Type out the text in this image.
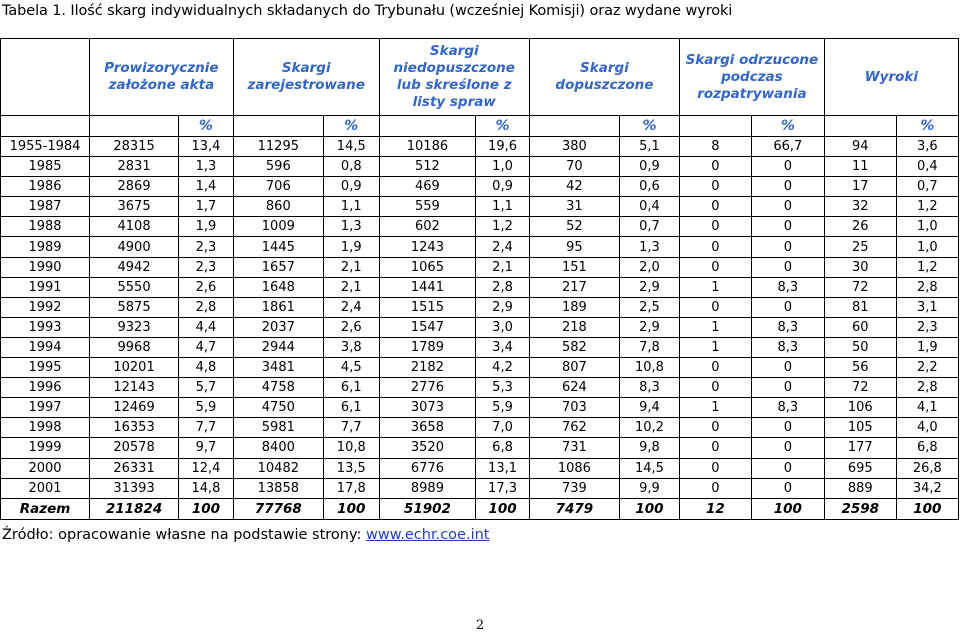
Tabela 1. Ilość skarg indywidualnych składanych do Trybunału (wcześniej Komisji) oraz wydane wyroki

	Prowizorycznie założone akta		Skargi zarejestrowane		Skargi niedopuszczone lub skreślone z listy spraw		Skargi dopuszczone		Skargi odrzucone podczas rozpatrywania		Wyroki	

		%		%		%		%		%		%
1955-1984	28315	13,4	11295	14,5	10186	19,6	380	5,1	8	66,7	94	3,6
1985	2831	1,3	596	0,8	512	1,0	70	0,9	0	0	11	0,4
1986	2869	1,4	706	0,9	469	0,9	42	0,6	0	0	17	0,7
1987	3675	1,7	860	1,1	559	1,1	31	0,4	0	0	32	1,2
1988	4108	1,9	1009	1,3	602	1,2	52	0,7	0	0	26	1,0
1989	4900	2,3	1445	1,9	1243	2,4	95	1,3	0	0	25	1,0
1990	4942	2,3	1657	2,1	1065	2,1	151	2,0	0	0	30	1,2
1991	5550	2,6	1648	2,1	1441	2,8	217	2,9	1	8,3	72	2,8
1992	5875	2,8	1861	2,4	1515	2,9	189	2,5	0	0	81	3,1
1993	9323	4,4	2037	2,6	1547	3,0	218	2,9	1	8,3	60	2,3
1994	9968	4,7	2944	3,8	1789	3,4	582	7,8	1	8,3	50	1,9
1995	10201	4,8	3481	4,5	2182	4,2	807	10,8	0	0	56	2,2
1996	12143	5,7	4758	6,1	2776	5,3	624	8,3	0	0	72	2,8
1997	12469	5,9	4750	6,1	3073	5,9	703	9,4	1	8,3	106	4,1
1998	16353	7,7	5981	7,7	3658	7,0	762	10,2	0	0	105	4,0
1999	20578	9,7	8400	10,8	3520	6,8	731	9,8	0	0	177	6,8
2000	26331	12,4	10482	13,5	6776	13,1	1086	14,5	0	0	695	26,8
2001	31393	14,8	13858	17,8	8989	17,3	739	9,9	0	0	889	34,2
Razem	211824	100	77768	100	51902	100	7479	100	12	100	2598	100
Źródło: opracowanie własne na podstawie strony: www.echr.coe.int
2
